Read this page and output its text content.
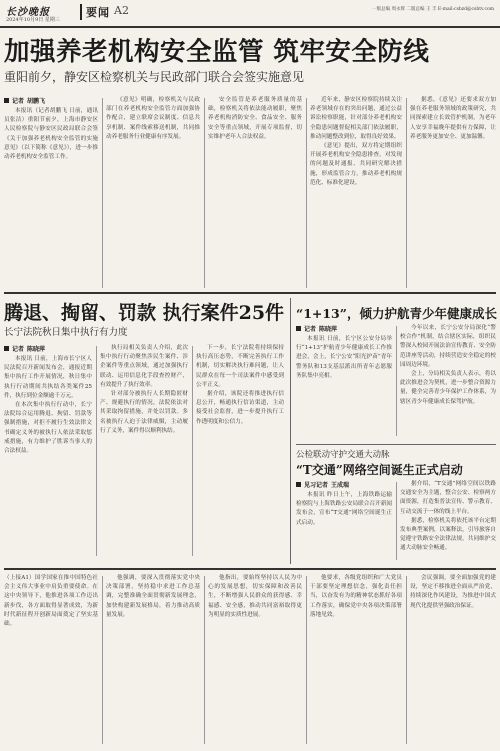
长沙晚报
2024年10月9日 星期三
要闻 A2	一版总编 周永辉 二版总编 王 丰 E-mail:csbzd@csbtv.com
加强养老机构安全监管 筑牢安全防线
重阳前夕，静安区检察机关与民政部门联合会签实施意见
记者 胡鹏飞

本报讯（记者胡鹏飞 日前，通讯员张洁）重阳节前夕，上海市静安区人民检察院与静安区民政局联合会签《关于加强养老机构安全监管的实施意见》（以下简称《意见》），进一步推动养老机构安全监管工作。

《意见》明确，检察机关与民政部门在养老机构安全监管方面加强协作配合，建立联席会议制度、信息共享机制、案件线索移送机制，共同推动养老服务行业健康有序发展。

安全监管是养老服务质量的基础，检察机关将依法能动履职，聚焦养老机构消防安全、食品安全、服务安全等重点领域，开展专项监督，切实维护老年人合法权益。

近年来，静安区检察院持续关注养老领域存在的突出问题，通过公益诉讼检察职能，针对部分养老机构安全隐患问题督促相关部门依法履职，推动问题整改到位，取得良好效果。

《意见》提出，双方将定期组织开展养老机构安全隐患排查，对发现的问题及时通报、共同研究解决措施，形成监管合力，推动养老机构规范化、标准化建设。

据悉，《意见》还要求双方加强在养老服务领域的政策研究，共同探索建立长效管护机制，为老年人安享幸福晚年提供有力保障，让养老服务更加安全、更加温馨。

腾退、掏留、罚款 执行案件25件
长宁法院秋日集中执行有力度
记者 陈晓萍

本报讯 日前，上海市长宁区人民法院召开新闻发布会，通报近期集中执行工作开展情况，秋日集中执行行动期间共执结各类案件25件，执行到位金额逾千万元。

在本次集中执行行动中，长宁法院综合运用腾退、拘留、罚款等强制措施，对拒不履行生效法律文书确定义务的被执行人依法采取惩戒措施，有力维护了胜诉当事人的合法权益。

执行局相关负责人介绍，此次集中执行行动聚焦涉民生案件、涉企案件等重点领域，通过加强执行联动、运用信息化手段查控财产，有效提升了执行效率。

针对部分被执行人长期隐匿财产、规避执行的情况，法院依法对其采取拘留措施，并处以罚款。多名被执行人迫于法律威慑，主动履行了义务，案件得以顺利执结。

下一步，长宁法院将持续保持执行高压态势，不断完善执行工作机制，切实解决执行难问题，让人民群众在每一个司法案件中感受到公平正义。

据介绍，该院还将推进执行信息公开，畅通执行信访渠道，主动接受社会监督，进一步提升执行工作透明度和公信力。

“1+13”，倾力护航青少年健康成长
记者 陈晓萍

本报讯 日前，长宁区公安分局举行“1+13”护航青少年健康成长工作推进会，会上，长宁公安“阳光护苗”青年警务队和13支基层派出所青年志愿服务队集中亮相。

今年以来，长宁公安分局深化“警校合作”机制，结合辖区实际，组织民警深入校园开展法治宣传教育、安全防范讲座等活动，持续营造安全稳定的校园周边环境。

会上，分局相关负责人表示，将以此次推进会为契机，进一步整合资源力量，健全完善青少年保护工作体系，为辖区青少年健康成长保驾护航。

公检联动守护交通大动脉
“T交通”网络空间诞生正式启动
见习记者 王成瑞

本报讯 昨日上午，上海铁路运输检察院与上海铁路公安局联合召开新闻发布会，宣布“T交通”网络空间诞生正式启动。

据介绍，“T交通”网络空间以铁路交通安全为主题，整合公安、检察两方面资源，打造集普法宣传、警示教育、互动交流于一体的线上平台。

据悉，检察机关将依托该平台定期发布典型案例，以案释法，引导旅客自觉遵守铁路安全法律法规，共同维护交通大动脉安全畅通。

（上接A1）国学国家在推中国特色社会主义伟大事业中肩负重要使命。在这中央领导下，他推进各项工作迈出新步伐，各方面取得显著成效，为新时代新征程开创新局面奠定了坚实基础。

他强调，要深入贯彻落实党中央决策部署，坚持稳中求进工作总基调，完整准确全面贯彻新发展理念，加快构建新发展格局，着力推动高质量发展。

他指出，要始终坚持以人民为中心的发展思想，切实保障和改善民生，不断增强人民群众的获得感、幸福感、安全感，推动共同富裕取得更为明显的实质性进展。

他要求，各级党组织和广大党员干部要坚定理想信念，强化责任担当，以奋发有为的精神状态抓好各项工作落实，确保党中央各项决策部署落地见效。

会议强调，要全面加强党的建设，坚定不移推进全面从严治党，持续深化作风建设，为推进中国式现代化提供坚强政治保证。
